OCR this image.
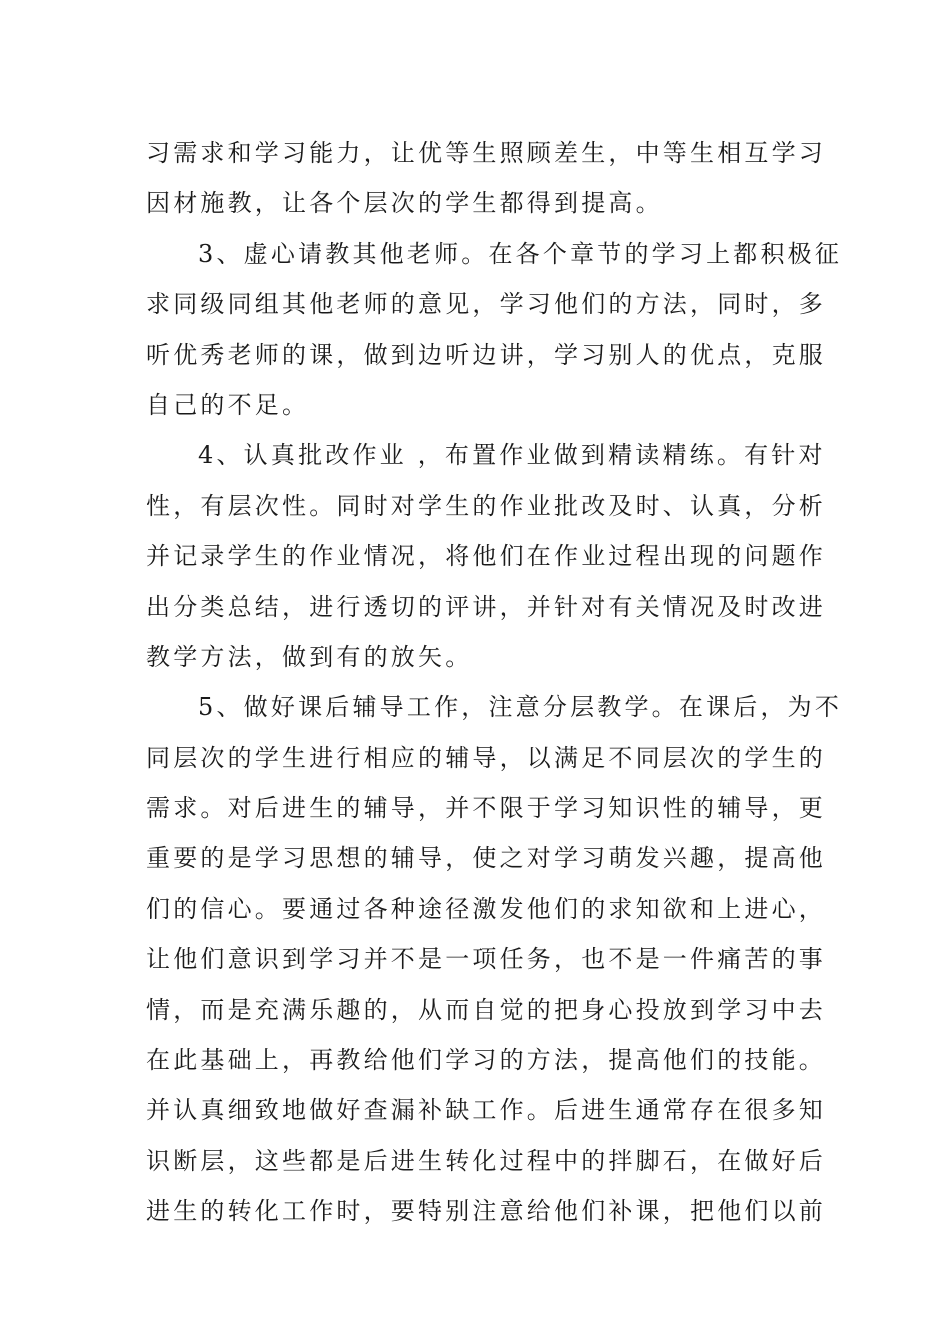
习需求和学习能力，让优等生照顾差生，中等生相互学习
因材施教，让各个层次的学生都得到提高。
3、虚心请教其他老师。在各个章节的学习上都积极征
求同级同组其他老师的意见，学习他们的方法，同时，多
听优秀老师的课，做到边听边讲，学习别人的优点，克服
自己的不足。
4、认真批改作业 ，布置作业做到精读精练。有针对
性，有层次性。同时对学生的作业批改及时、认真，分析
并记录学生的作业情况，将他们在作业过程出现的问题作
出分类总结，进行透切的评讲，并针对有关情况及时改进
教学方法，做到有的放矢。
5、做好课后辅导工作，注意分层教学。在课后，为不
同层次的学生进行相应的辅导，以满足不同层次的学生的
需求。对后进生的辅导，并不限于学习知识性的辅导，更
重要的是学习思想的辅导，使之对学习萌发兴趣，提高他
们的信心。要通过各种途径激发他们的求知欲和上进心，
让他们意识到学习并不是一项任务，也不是一件痛苦的事
情，而是充满乐趣的，从而自觉的把身心投放到学习中去
在此基础上，再教给他们学习的方法，提高他们的技能。
并认真细致地做好查漏补缺工作。后进生通常存在很多知
识断层，这些都是后进生转化过程中的拌脚石，在做好后
进生的转化工作时，要特别注意给他们补课，把他们以前
